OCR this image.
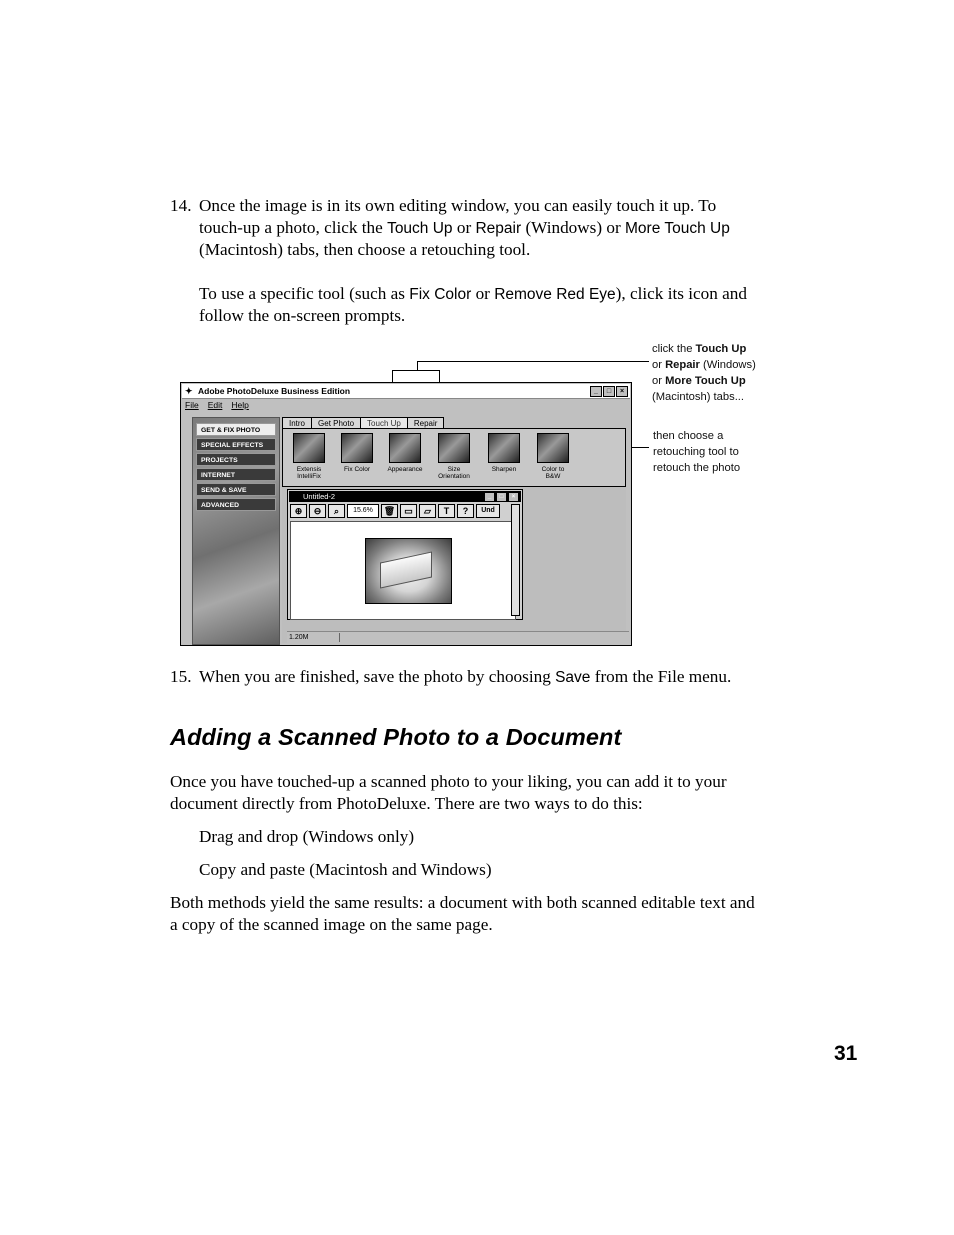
14. Once the image is in its own editing window, you can easily touch it up. To
touch-up a photo, click the Touch Up or Repair (Windows) or More Touch Up
(Macintosh) tabs, then choose a retouching tool.
To use a specific tool (such as Fix Color or Remove Red Eye), click its icon and
follow the on-screen prompts.
click the Touch Up
or Repair (Windows)
or More Touch Up
(Macintosh) tabs...
then choose a
retouching tool to
retouch the photo
✦ Adobe PhotoDeluxe Business Edition	_	□	×
File Edit Help
GET & FIX PHOTO
SPECIAL EFFECTS
PROJECTS
INTERNET
SEND & SAVE
ADVANCED
Intro	Get Photo	Touch Up	Repair
Extensis
IntelliFix
Fix Color	Appearance	Size
Orientation
Sharpen	Color to
B&W
Untitled-2	_	□	×
⊕	⊖	⌕	15.6%	🗑	▭	▱	T	?	Und
1.20M
15. When you are finished, save the photo by choosing Save from the File menu.
Adding a Scanned Photo to a Document
Once you have touched-up a scanned photo to your liking, you can add it to your
document directly from PhotoDeluxe. There are two ways to do this:
Drag and drop (Windows only)
Copy and paste (Macintosh and Windows)
Both methods yield the same results: a document with both scanned editable text and
a copy of the scanned image on the same page.
31
